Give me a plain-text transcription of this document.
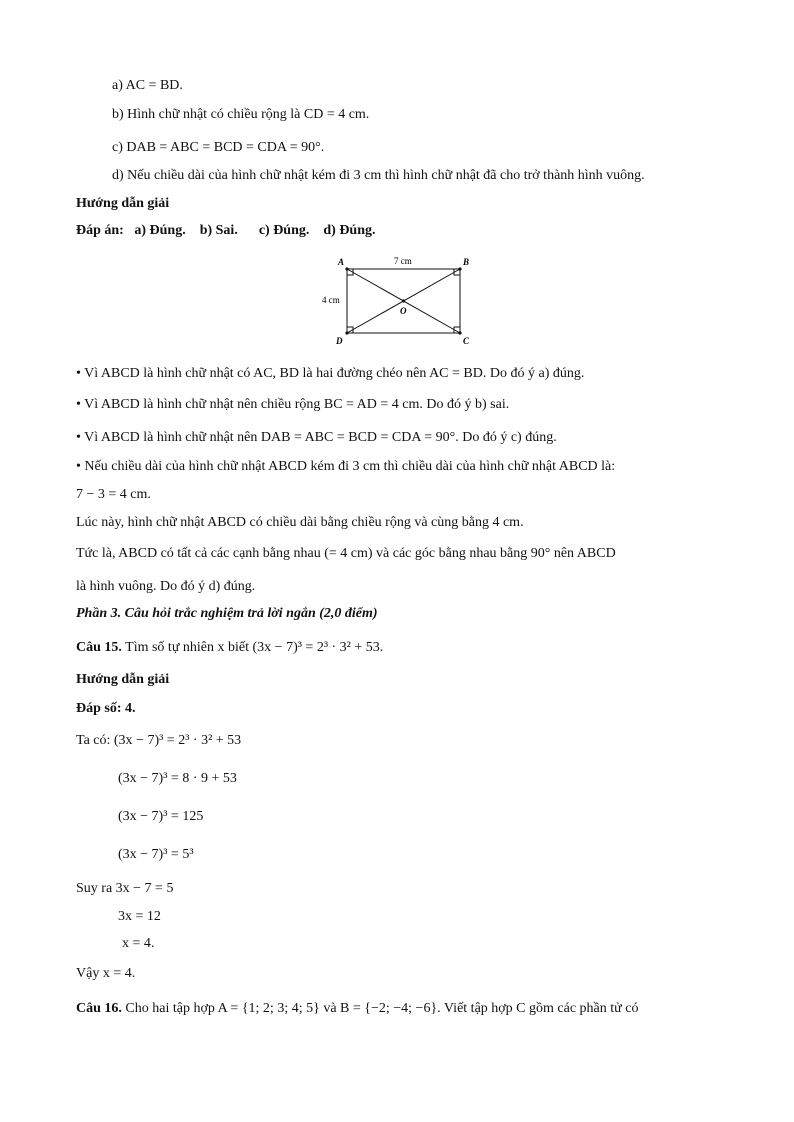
a) AC = BD.
b) Hình chữ nhật có chiều rộng là CD = 4 cm.
c) DAB = ABC = BCD = CDA = 90°.
d) Nếu chiều dài của hình chữ nhật kém đi 3 cm thì hình chữ nhật đã cho trở thành hình vuông.
Hướng dẫn giải
Đáp án:   a) Đúng.    b) Sai.      c) Đúng.    d) Đúng.
A	B
C
D
O
7 cm
4 cm
• Vì ABCD là hình chữ nhật có AC, BD là hai đường chéo nên AC = BD. Do đó ý a) đúng.
• Vì ABCD là hình chữ nhật nên chiều rộng BC = AD = 4 cm. Do đó ý b) sai.
• Vì ABCD là hình chữ nhật nên DAB = ABC = BCD = CDA = 90°. Do đó ý c) đúng.
• Nếu chiều dài của hình chữ nhật ABCD kém đi 3 cm thì chiều dài của hình chữ nhật ABCD là:
7 − 3 = 4 cm.
Lúc này, hình chữ nhật ABCD có chiều dài bằng chiều rộng và cùng bằng 4 cm.
Tức là, ABCD có tất cả các cạnh bằng nhau (= 4 cm) và các góc bằng nhau bằng 90° nên ABCD
là hình vuông. Do đó ý d) đúng.
Phần 3. Câu hỏi trắc nghiệm trả lời ngắn (2,0 điểm)
Câu 15. Tìm số tự nhiên x biết (3x − 7)³ = 2³ · 3² + 53.
Hướng dẫn giải
Đáp số: 4.
Ta có: (3x − 7)³ = 2³ · 3² + 53
(3x − 7)³ = 8 · 9 + 53
(3x − 7)³ = 125
(3x − 7)³ = 5³
Suy ra 3x − 7 = 5
3x = 12
x = 4.
Vậy x = 4.
Câu 16. Cho hai tập hợp A = {1; 2; 3; 4; 5} và B = {−2; −4; −6}. Viết tập hợp C gồm các phần tử có
